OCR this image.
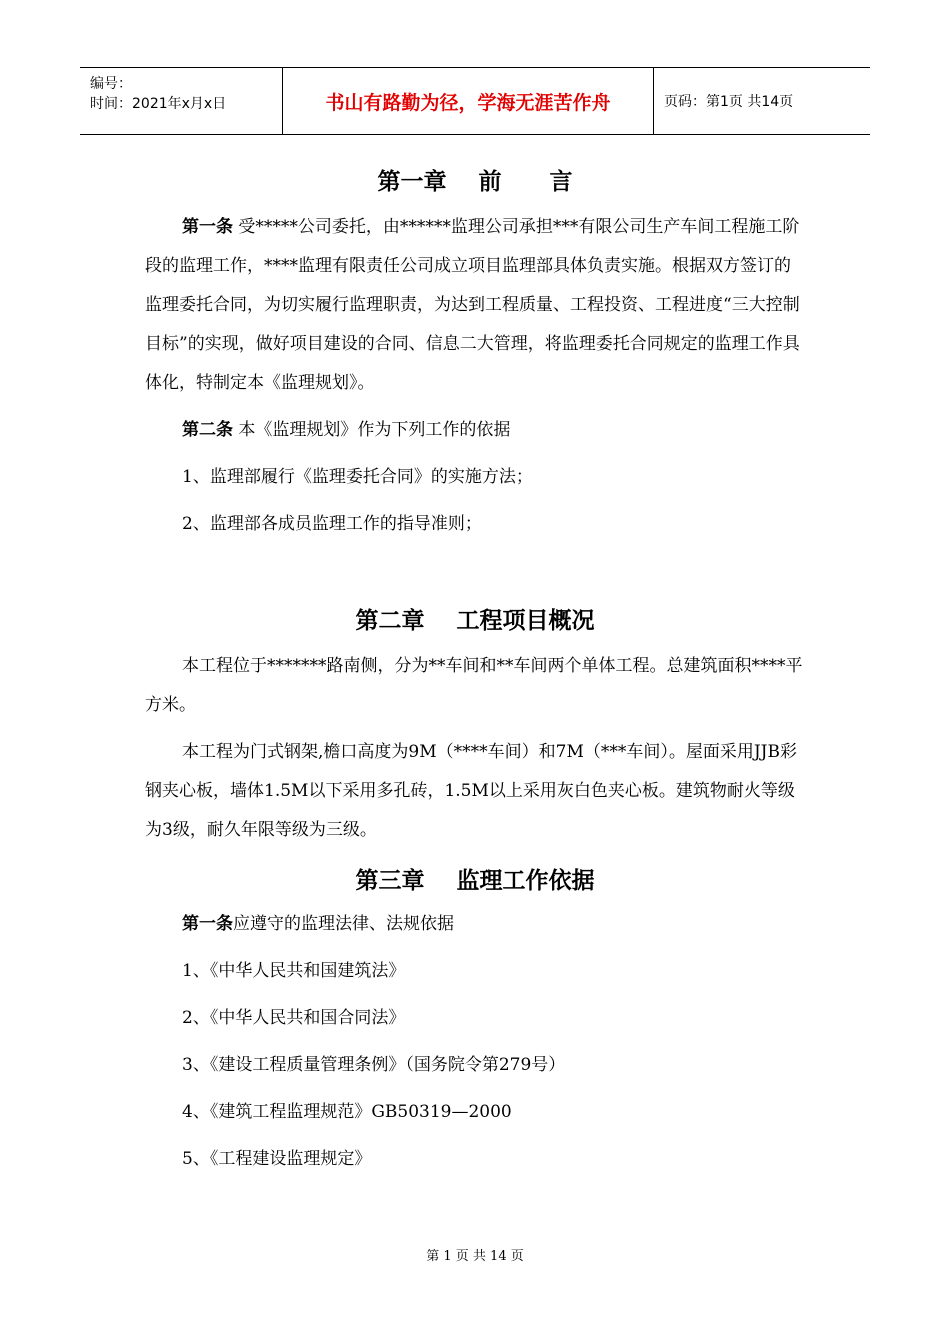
编号：
时间：2021年x月x日	书山有路勤为径，学海无涯苦作舟	页码：第1页 共14页
第一章    前      言

第一条 受*****公司委托，由******监理公司承担***有限公司生产车间工程施工阶段的监理工作，****监理有限责任公司成立项目监理部具体负责实施。根据双方签订的监理委托合同，为切实履行监理职责，为达到工程质量、工程投资、工程进度“三大控制目标”的实现，做好项目建设的合同、信息二大管理，将监理委托合同规定的监理工作具体化，特制定本《监理规划》。

第二条 本《监理规划》作为下列工作的依据

1、监理部履行《监理委托合同》的实施方法；
2、监理部各成员监理工作的指导准则；
第二章    工程项目概况

本工程位于*******路南侧，分为**车间和**车间两个单体工程。总建筑面积****平方米。

本工程为门式钢架,檐口高度为9M（****车间）和7M（***车间）。屋面采用JJB彩钢夹心板，墙体1.5M以下采用多孔砖，1.5M以上采用灰白色夹心板。建筑物耐火等级为3级，耐久年限等级为三级。

第三章    监理工作依据

第一条应遵守的监理法律、法规依据

1、《中华人民共和国建筑法》
2、《中华人民共和国合同法》
3、《建设工程质量管理条例》（国务院令第279号）
4、《建筑工程监理规范》GB50319—2000
5、《工程建设监理规定》
第 1 页 共 14 页
